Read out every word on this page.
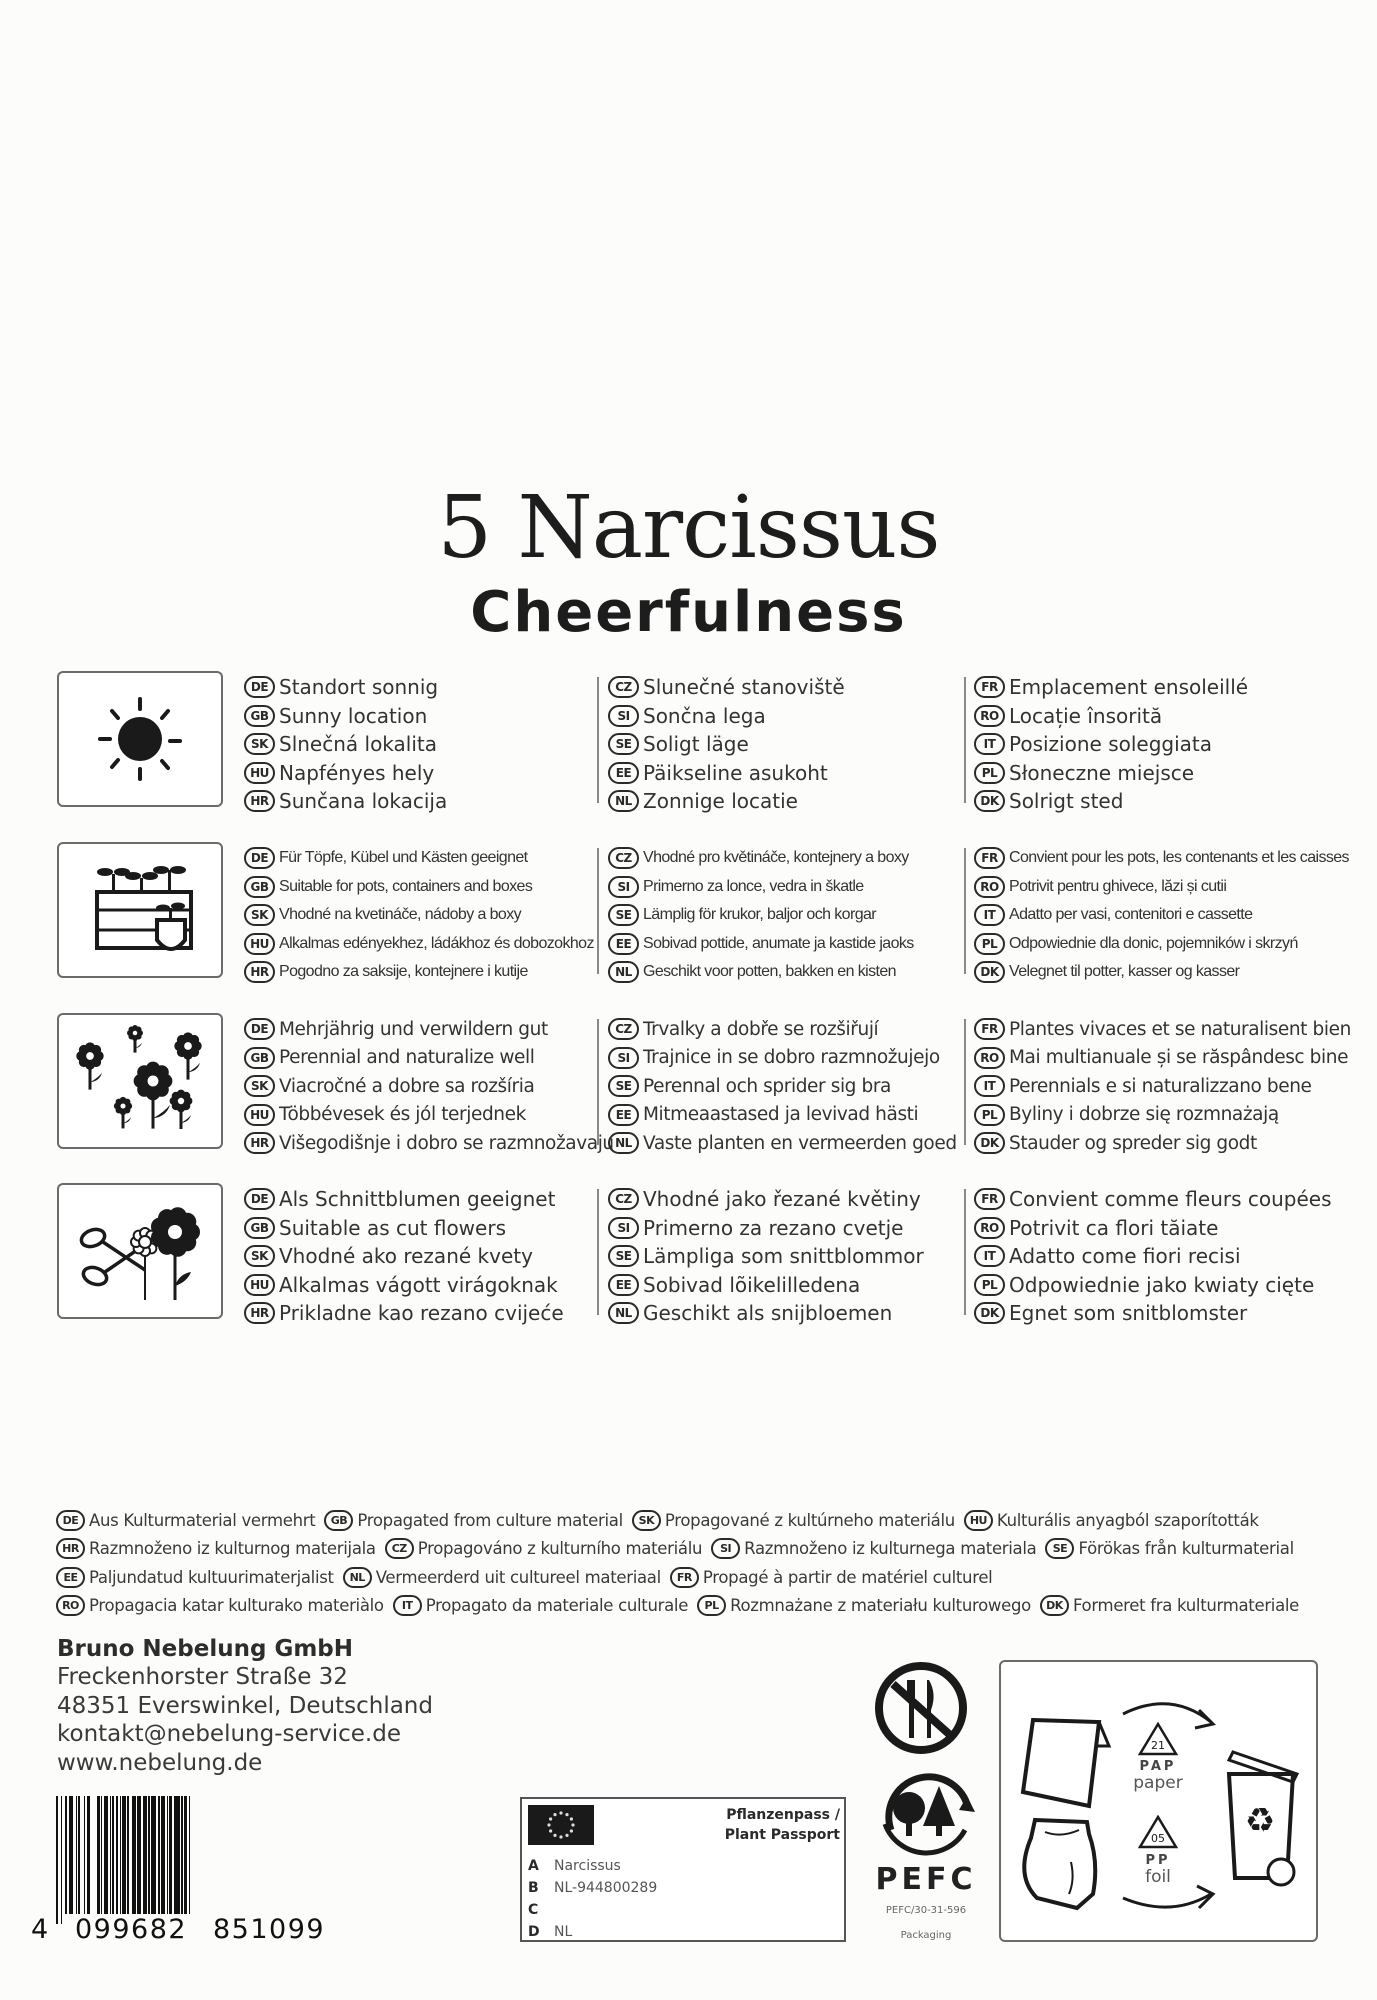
5 Narcissus
Cheerfulness
DE Standort sonnig
GB Sunny location
SK Slnečná lokalita
HU Napfényes hely
HR Sunčana lokacija
CZ Slunečné stanoviště
SI Sončna lega
SE Soligt läge
EE Päikseline asukoht
NL Zonnige locatie
FR Emplacement ensoleillé
RO Locație însorită
IT Posizione soleggiata
PL Słoneczne miejsce
DK Solrigt sted
DE Für Töpfe, Kübel und Kästen geeignet
GB Suitable for pots, containers and boxes
SK Vhodné na kvetináče, nádoby a boxy
HU Alkalmas edényekhez, ládákhoz és dobozokhoz
HR Pogodno za saksije, kontejnere i kutije
CZ Vhodné pro květináče, kontejnery a boxy
SI Primerno za lonce, vedra in škatle
SE Lämplig för krukor, baljor och korgar
EE Sobivad pottide, anumate ja kastide jaoks
NL Geschikt voor potten, bakken en kisten
FR Convient pour les pots, les contenants et les caisses
RO Potrivit pentru ghivece, lăzi și cutii
IT Adatto per vasi, contenitori e cassette
PL Odpowiednie dla donic, pojemników i skrzyń
DK Velegnet til potter, kasser og kasser
DE Mehrjährig und verwildern gut
GB Perennial and naturalize well
SK Viacročné a dobre sa rozšíria
HU Többévesek és jól terjednek
HR Višegodišnje i dobro se razmnožavaju
CZ Trvalky a dobře se rozšiřují
SI Trajnice in se dobro razmnožujejo
SE Perennal och sprider sig bra
EE Mitmeaastased ja levivad hästi
NL Vaste planten en vermeerden goed
FR Plantes vivaces et se naturalisent bien
RO Mai multianuale și se răspândesc bine
IT Perennials e si naturalizzano bene
PL Byliny i dobrze się rozmnażają
DK Stauder og spreder sig godt
DE Als Schnittblumen geeignet
GB Suitable as cut flowers
SK Vhodné ako rezané kvety
HU Alkalmas vágott virágoknak
HR Prikladne kao rezano cvijeće
CZ Vhodné jako řezané květiny
SI Primerno za rezano cvetje
SE Lämpliga som snittblommor
EE Sobivad lõikelilledena
NL Geschikt als snijbloemen
FR Convient comme fleurs coupées
RO Potrivit ca flori tăiate
IT Adatto come fiori recisi
PL Odpowiednie jako kwiaty cięte
DK Egnet som snitblomster
DE Aus Kulturmaterial vermehrt	GB Propagated from culture material	SK Propagované z kultúrneho materiálu	HU Kulturális anyagból szaporították
HR Razmnoženo iz kulturnog materijala	CZ Propagováno z kulturního materiálu	SI Razmnoženo iz kulturnega materiala	SE Förökas från kulturmaterial
EE Paljundatud kultuurimaterjalist	NL Vermeerderd uit cultureel materiaal	FR Propagé à partir de matériel culturel
RO Propagacia katar kulturako materiàlo	IT Propagato da materiale culturale	PL Rozmnażane z materiału kulturowego	DK Formeret fra kulturmateriale
Bruno Nebelung GmbH
Freckenhorster Straße 32
48351 Everswinkel, Deutschland
kontakt@nebelung-service.de
www.nebelung.de
4 099682 851099
Pflanzenpass /
Plant Passport
A	Narcissus
B	NL-944800289
C
D	NL
PEFC
PEFC/30-31-596
Packaging
21
05 ♻
PAP
paper
PP
foil
